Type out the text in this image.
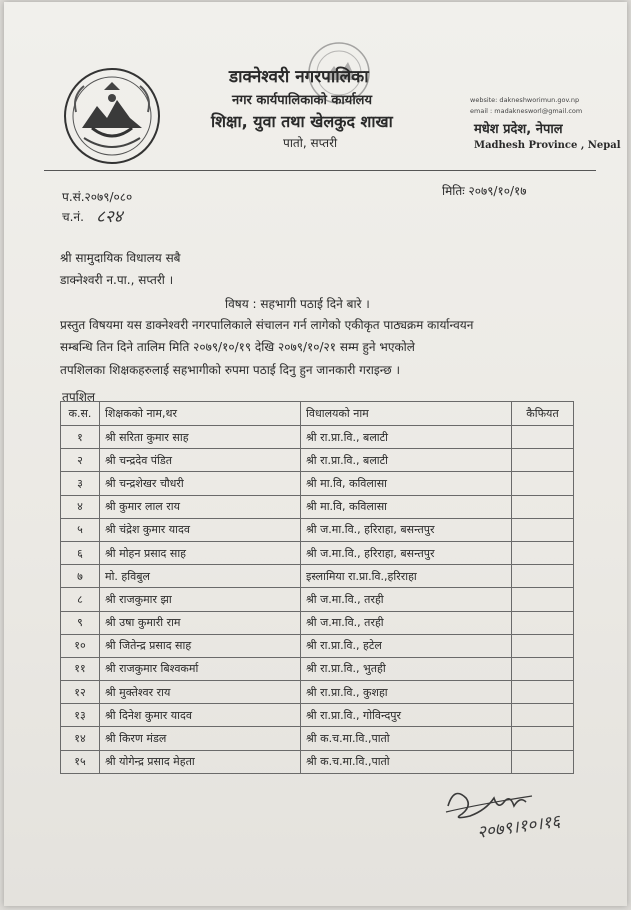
डाक्नेश्वरी नगरपालिका
नगर कार्यपालिकाको कार्यालय
शिक्षा, युवा तथा खेलकुद शाखा
पातो, सप्तरी
website: dakneshworimun.gov.np
email : madaknesworl@gmail.com
मधेश प्रदेश, नेपाल
Madhesh Province , Nepal
प.सं.२०७९/०८०
च.नं. ८२४
मितिः २०७९/१०/१७
श्री सामुदायिक विधालय सबै
डाक्नेश्वरी न.पा., सप्तरी ।
विषय : सहभागी पठाई दिने बारे ।
प्रस्तुत विषयमा यस डाक्नेश्वरी नगरपालिकाले संचालन गर्न लागेको एकीकृत पाठ्यक्रम कार्यान्वयन
सम्बन्धि तिन दिने तालिम मिति २०७९/१०/१९ देखि २०७९/१०/२१ सम्म हुने भएकोले
तपशिलका शिक्षकहरुलाई सहभागीको रुपमा पठाई दिनु हुन जानकारी गराइन्छ ।
तपशिल
क.स.	शिक्षकको नाम,थर	विधालयको नाम	कैफियत
१	श्री सरिता कुमार साह	श्री रा.प्रा.वि., बलाटी	
२	श्री चन्द्रदेव पंडित	श्री रा.प्रा.वि., बलाटी	
३	श्री चन्द्रशेखर चौधरी	श्री मा.वि, कविलासा	
४	श्री कुमार लाल राय	श्री मा.वि, कविलासा	
५	श्री चंद्रेश कुमार यादव	श्री ज.मा.वि., हरिराहा, बसन्तपुर	
६	श्री मोहन प्रसाद साह	श्री ज.मा.वि., हरिराहा, बसन्तपुर	
७	मो. हविबुल	इस्लामिया रा.प्रा.वि.,हरिराहा	
८	श्री राजकुमार झा	श्री ज.मा.वि., तरही	
९	श्री उषा कुमारी राम	श्री ज.मा.वि., तरही	
१०	श्री जितेन्द्र प्रसाद साह	श्री रा.प्रा.वि., हटेल	
११	श्री राजकुमार बिश्वकर्मा	श्री रा.प्रा.वि., भुतही	
१२	श्री मुक्तेश्वर राय	श्री रा.प्रा.वि., कुशहा	
१३	श्री दिनेश कुमार यादव	श्री रा.प्रा.वि., गोविन्दपुर	
१४	श्री किरण मंडल	श्री क.च.मा.वि.,पातो	
१५	श्री योगेन्द्र प्रसाद मेहता	श्री क.च.मा.वि.,पातो	
२०७९।१०।१६
